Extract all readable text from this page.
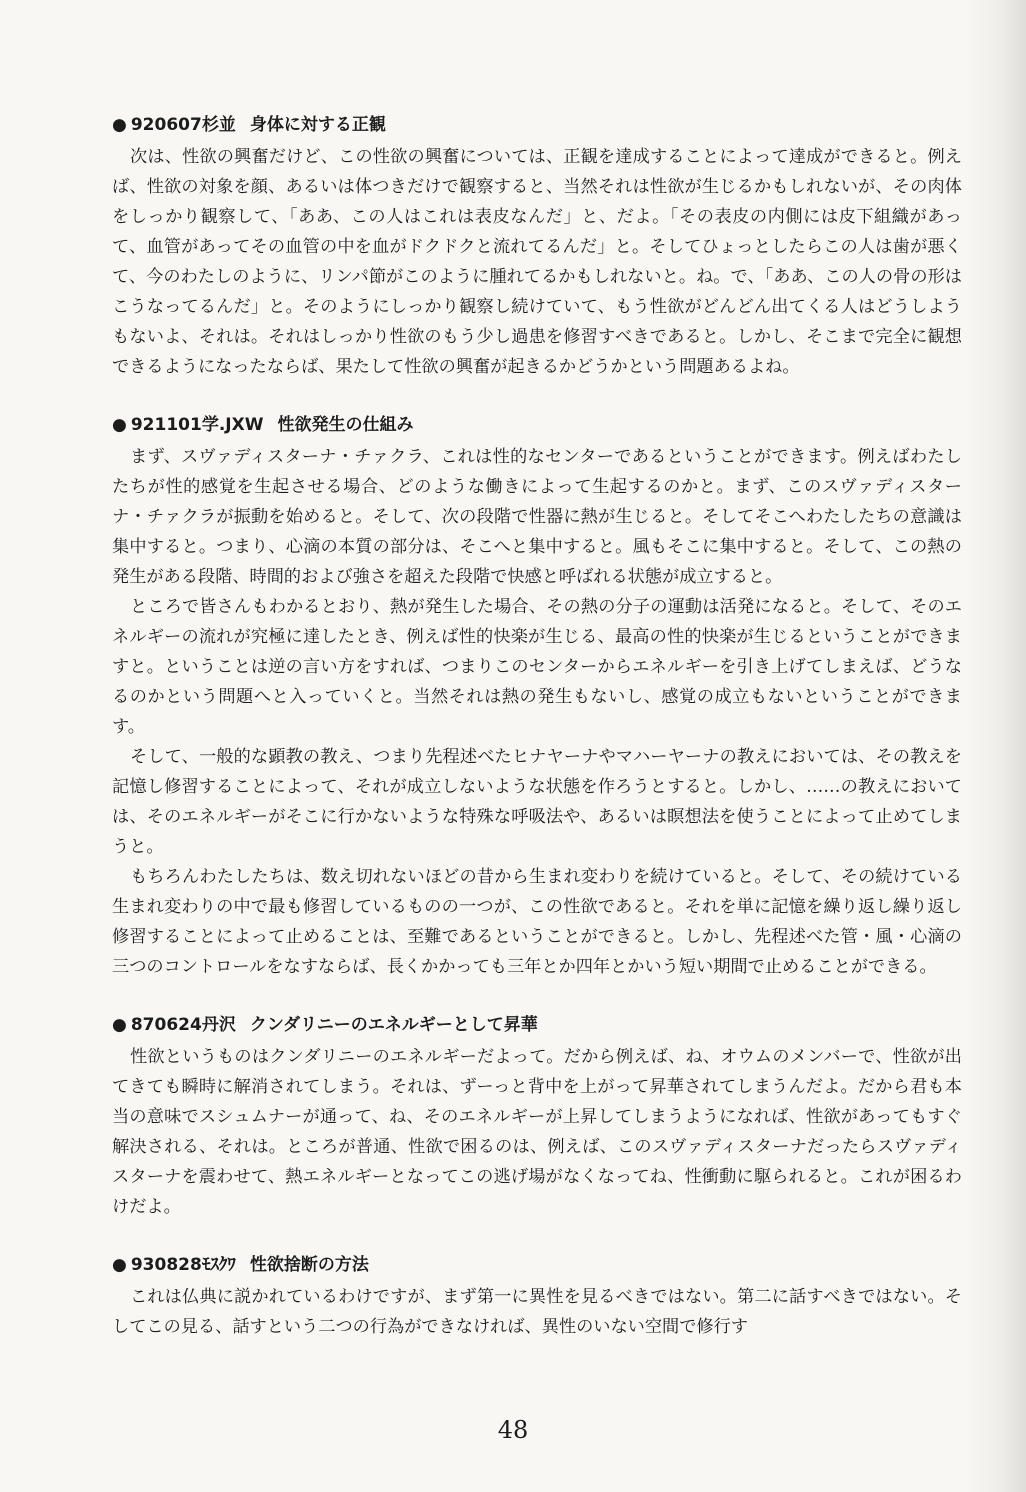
● 920607杉並 身体に対する正観

次は、性欲の興奮だけど、この性欲の興奮については、正観を達成することによって達成ができると。例えば、性欲の対象を顔、あるいは体つきだけで観察すると、当然それは性欲が生じるかもしれないが、その肉体をしっかり観察して、「ああ、この人はこれは表皮なんだ」と、だよ。「その表皮の内側には皮下組織があって、血管があってその血管の中を血がドクドクと流れてるんだ」と。そしてひょっとしたらこの人は歯が悪くて、今のわたしのように、リンパ節がこのように腫れてるかもしれないと。ね。で、「ああ、この人の骨の形はこうなってるんだ」と。そのようにしっかり観察し続けていて、もう性欲がどんどん出てくる人はどうしようもないよ、それは。それはしっかり性欲のもう少し過患を修習すべきであると。しかし、そこまで完全に観想できるようになったならば、果たして性欲の興奮が起きるかどうかという問題あるよね。

● 921101学.JXW 性欲発生の仕組み

まず、スヴァディスターナ・チァクラ、これは性的なセンターであるということができます。例えばわたしたちが性的感覚を生起させる場合、どのような働きによって生起するのかと。まず、このスヴァディスターナ・チァクラが振動を始めると。そして、次の段階で性器に熱が生じると。そしてそこへわたしたちの意識は集中すると。つまり、心滴の本質の部分は、そこへと集中すると。風もそこに集中すると。そして、この熱の発生がある段階、時間的および強さを超えた段階で快感と呼ばれる状態が成立すると。

ところで皆さんもわかるとおり、熱が発生した場合、その熱の分子の運動は活発になると。そして、そのエネルギーの流れが究極に達したとき、例えば性的快楽が生じる、最高の性的快楽が生じるということができますと。ということは逆の言い方をすれば、つまりこのセンターからエネルギーを引き上げてしまえば、どうなるのかという問題へと入っていくと。当然それは熱の発生もないし、感覚の成立もないということができます。

そして、一般的な顕教の教え、つまり先程述べたヒナヤーナやマハーヤーナの教えにおいては、その教えを記憶し修習することによって、それが成立しないような状態を作ろうとすると。しかし、……の教えにおいては、そのエネルギーがそこに行かないような特殊な呼吸法や、あるいは瞑想法を使うことによって止めてしまうと。

もちろんわたしたちは、数え切れないほどの昔から生まれ変わりを続けていると。そして、その続けている生まれ変わりの中で最も修習しているものの一つが、この性欲であると。それを単に記憶を繰り返し繰り返し修習することによって止めることは、至難であるということができると。しかし、先程述べた管・風・心滴の三つのコントロールをなすならば、長くかかっても三年とか四年とかいう短い期間で止めることができる。

● 870624丹沢 クンダリニーのエネルギーとして昇華

性欲というものはクンダリニーのエネルギーだよって。だから例えば、ね、オウムのメンバーで、性欲が出てきても瞬時に解消されてしまう。それは、ずーっと背中を上がって昇華されてしまうんだよ。だから君も本当の意味でスシュムナーが通って、ね、そのエネルギーが上昇してしまうようになれば、性欲があってもすぐ解決される、それは。ところが普通、性欲で困るのは、例えば、このスヴァディスターナだったらスヴァディスターナを震わせて、熱エネルギーとなってこの逃げ場がなくなってね、性衝動に駆られると。これが困るわけだよ。

● 930828ﾓｽｸﾜ 性欲捨断の方法

これは仏典に説かれているわけですが、まず第一に異性を見るべきではない。第二に話すべきではない。そしてこの見る、話すという二つの行為ができなければ、異性のいない空間で修行す

48
